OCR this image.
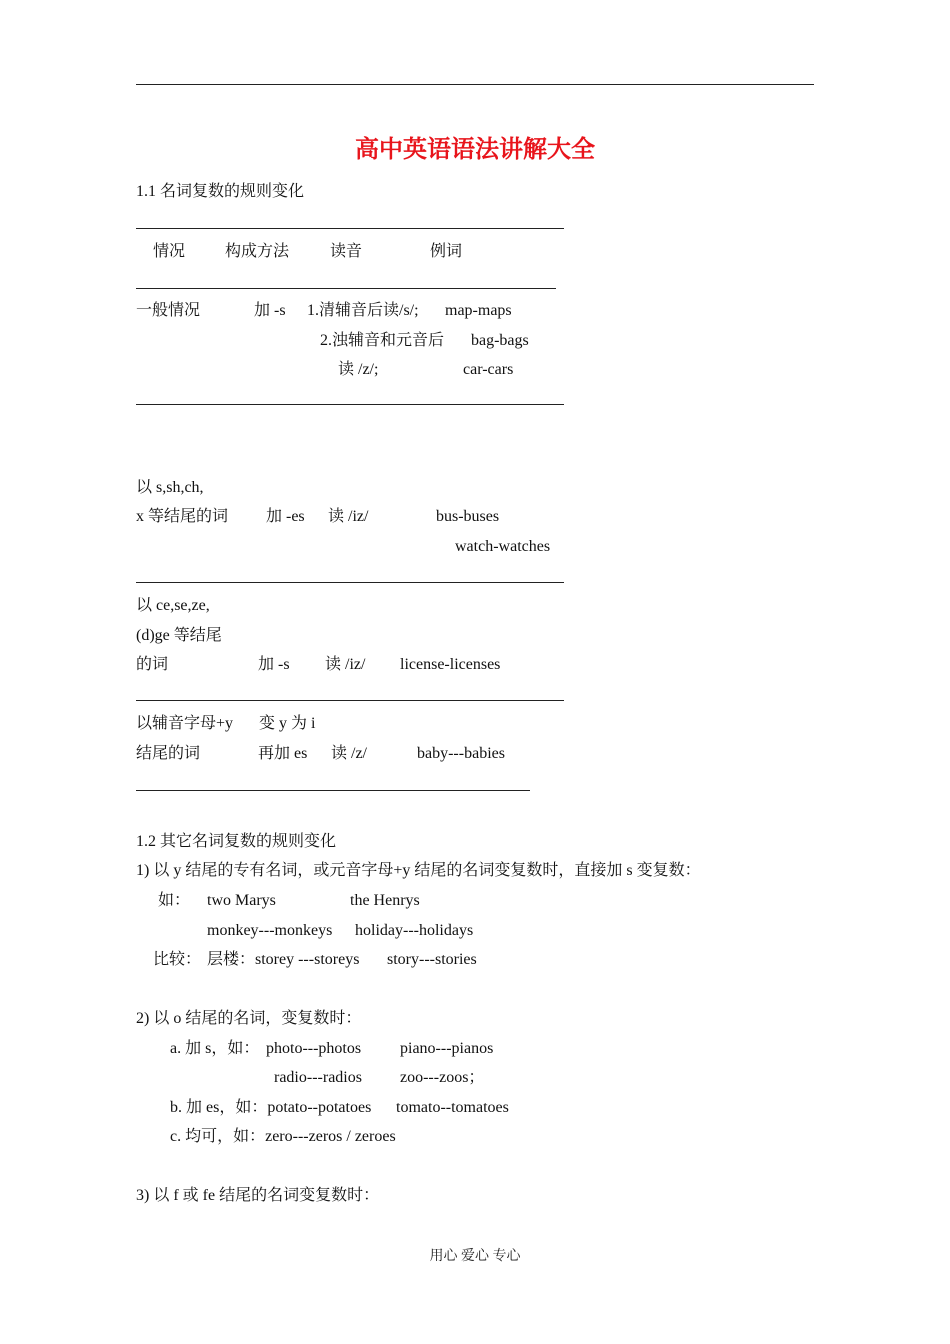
高中英语语法讲解大全
1.1 名词复数的规则变化
情况 构成方法	读音	例词
一般情况	加 -s 1.清辅音后读/s/; map-maps
2.浊辅音和元音后 bag-bags
读 /z/;	car-cars
以 s,sh,ch,
x 等结尾的词 加 -es 读 /iz/	bus-buses
watch-watches
以 ce,se,ze,
(d)ge 等结尾
的词	加 -s 读 /iz/ license-licenses
以辅音字母+y 变 y 为 i
结尾的词	再加 es 读 /z/	baby---babies
1.2 其它名词复数的规则变化
1) 以 y 结尾的专有名词，或元音字母+y 结尾的名词变复数时，直接加 s 变复数：
如： two Marys	the Henrys
monkey---monkeys holiday---holidays
比较： 层楼：storey ---storeys story---stories
2) 以 o 结尾的名词，变复数时：
a. 加 s，如： photo---photos piano---pianos
radio---radios zoo---zoos；
b. 加 es，如：potato--potatoes tomato--tomatoes
c. 均可，如：zero---zeros / zeroes
3) 以 f 或 fe 结尾的名词变复数时：
用心 爱心 专心
